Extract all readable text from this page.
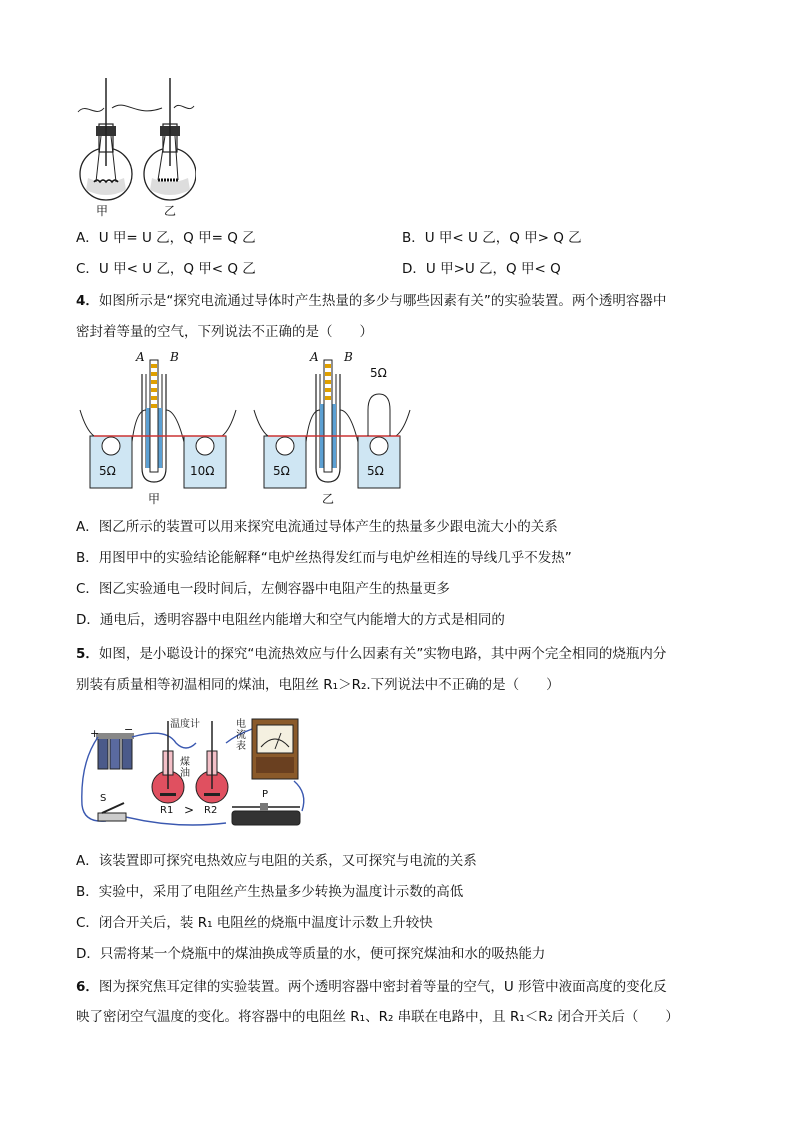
甲	乙
A．U 甲= U 乙，Q 甲= Q 乙	B．U 甲< U 乙，Q 甲> Q 乙
C．U 甲< U 乙，Q 甲< Q 乙	D．U 甲>U 乙，Q 甲< Q
4．如图所示是“探究电流通过导体时产生热量的多少与哪些因素有关”的实验装置。两个透明容器中
密封着等量的空气，下列说法不正确的是（　　）
A B	A B
5Ω	10Ω	5Ω	5Ω
5Ω
甲	乙
A．图乙所示的装置可以用来探究电流通过导体产生的热量多少跟电流大小的关系
B．用图甲中的实验结论能解释“电炉丝热得发红而与电炉丝相连的导线几乎不发热”
C．图乙实验通电一段时间后，左侧容器中电阻产生的热量更多
D．通电后，透明容器中电阻丝内能增大和空气内能增大的方式是相同的
5．如图，是小聪设计的探究“电流热效应与什么因素有关”实物电路，其中两个完全相同的烧瓶内分
别装有质量相等初温相同的煤油，电阻丝 R₁＞R₂.下列说法中不正确的是（　　）
+ −	温度计	电流表
煤油
R1 > R2
S	P
A．该装置即可探究电热效应与电阻的关系，又可探究与电流的关系
B．实验中，采用了电阻丝产生热量多少转换为温度计示数的高低
C．闭合开关后，装 R₁ 电阻丝的烧瓶中温度计示数上升较快
D．只需将某一个烧瓶中的煤油换成等质量的水，便可探究煤油和水的吸热能力
6．图为探究焦耳定律的实验装置。两个透明容器中密封着等量的空气，U 形管中液面高度的变化反
映了密闭空气温度的变化。将容器中的电阻丝 R₁、R₂ 串联在电路中，且 R₁＜R₂ 闭合开关后（　　）
